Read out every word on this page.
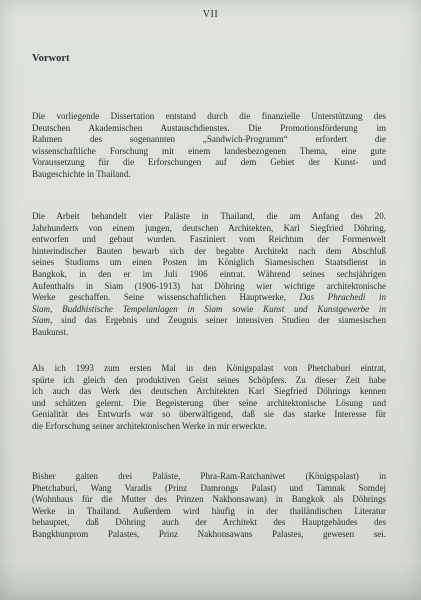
VII
Vorwort

Die vorliegende Dissertation entstand durch die finanzielle Unterstützung des
Deutschen Akademischen Austauschdienstes. Die Promotionsförderung im
Rahmen des sogenannten „Sandwich-Programm“ erfordert die
wissenschaftliche Forschung mit einem landesbezogenen Thema, eine gute
Voraussetzung für die Erforschungen auf dem Gebiet der Kunst- und
Baugeschichte in Thailand.

Die Arbeit behandelt vier Paläste in Thailand, die am Anfang des 20.
Jahrhunderts von einem jungen, deutschen Architekten, Karl Siegfried Döhring,
entworfen und gebaut wurden. Fasziniert vom Reichtum der Formenwelt
hinterindischer Bauten bewarb sich der begabte Architekt nach dem Abschluß
seines Studiums um einen Posten im Königlich Siamesischen Staatsdienst in
Bangkok, in den er im Juli 1906 eintrat. Während seines sechsjährigen
Aufenthalts in Siam (1906-1913) hat Döhring wier wichtige architektonische
Werke geschaffen. Seine wissenschaftlichen Hauptwerke, Das Phrachedi in
Siam, Buddhistische Tempelanlagen in Siam sowie Kunst und Kunstgewerbe in
Siam, sind das Ergebnis und Zeugnis seiner intensiven Studien der siamesischen
Baukunst.

Als ich 1993 zum ersten Mal in den Königspalast von Phetchaburi eintrat,
spürte ich gleich den produktiven Geist seines Schöpfers. Zu dieser Zeit habe
ich auch das Werk des deutschen Architekten Karl Siegfried Döhrings kennen
und schätzen gelernt. Die Begeisterung über seine architektonische Lösung und
Genialität des Entwurfs war so überwältigend, daß sie das starke Interesse für
die Erforschung seiner architektonischen Werke in mir erweckte.

Bisher galten drei Paläste, Phra-Ram-Ratchaniwet (Königspalast) in
Phetchaburi, Wang Varadis (Prinz Damrongs Palast) und Tamnak Somdej
(Wohnhaus für die Mutter des Prinzen Nakhonsawan) in Bangkok als Döhrings
Werke in Thailand. Außerdem wird häufig in der thailändischen Literatur
behauptet, daß Döhring auch der Architekt des Hauptgebäudes des
Bangkhunprom Palastes, Prinz Nakhonsawans Palastes, gewesen sei.
